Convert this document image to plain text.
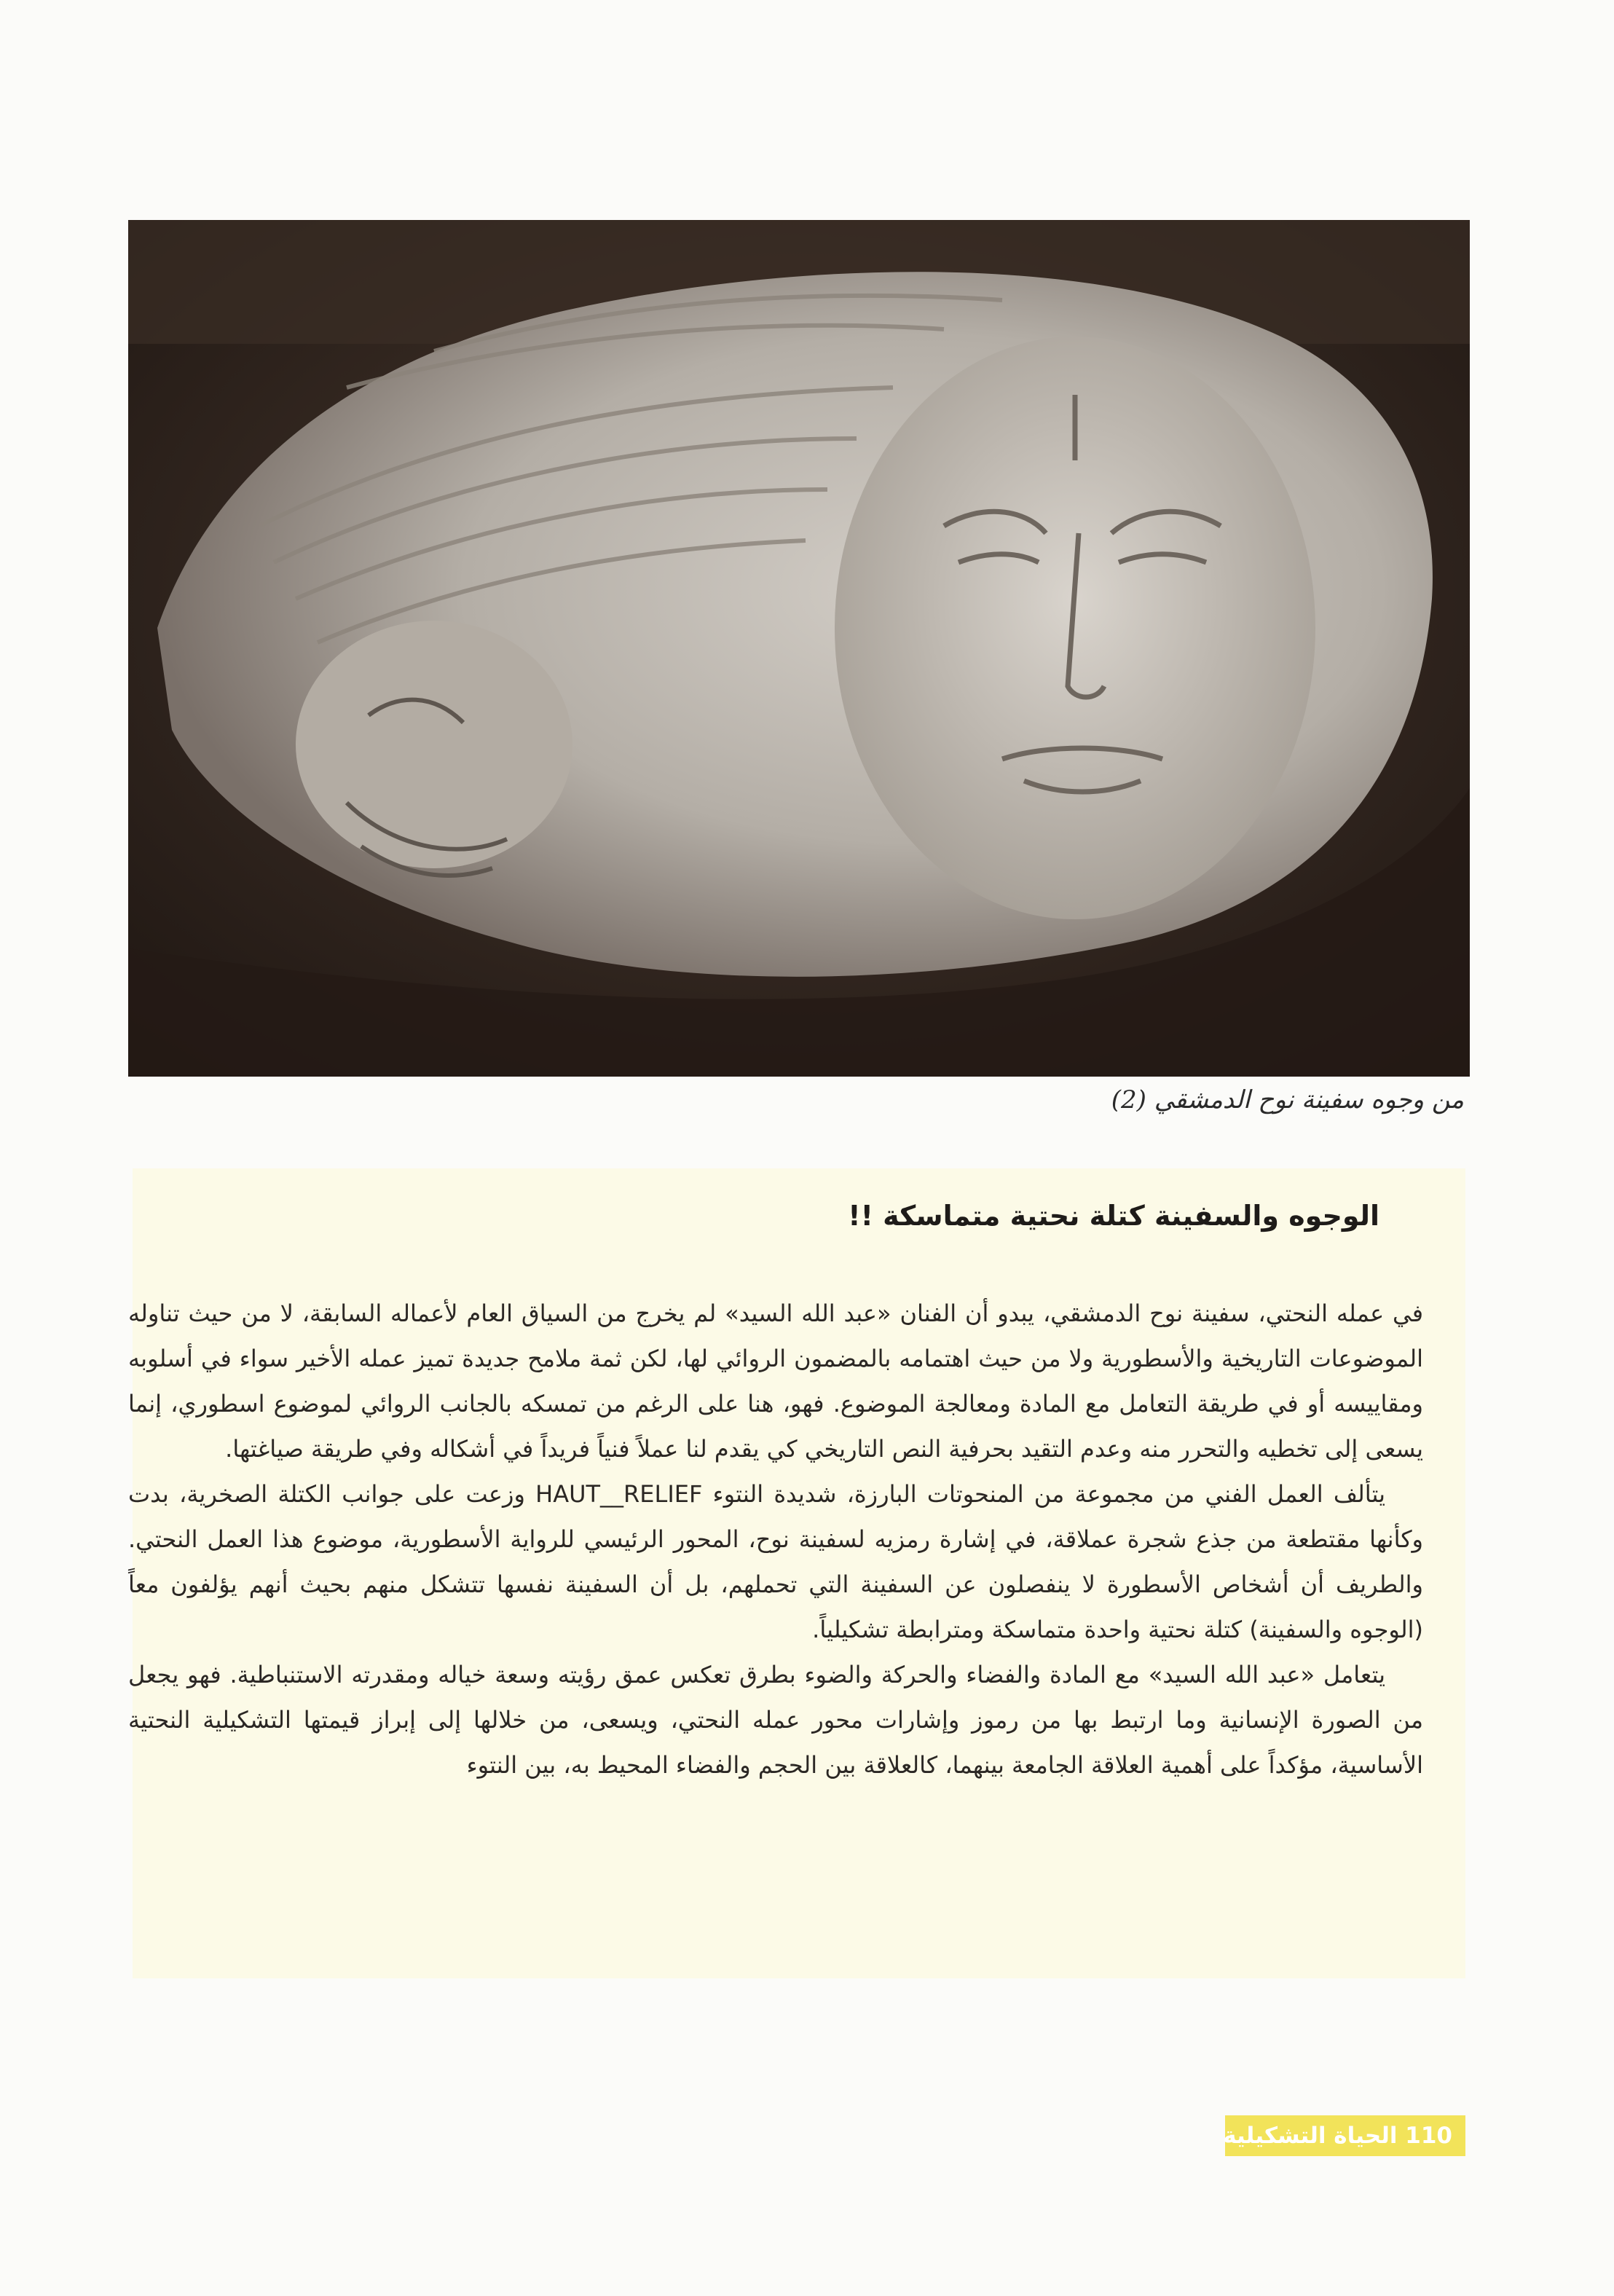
من وجوه سفينة نوح الدمشقي (2)
الوجوه والسفينة كتلة نحتية متماسكة !!

في عمله النحتي، سفينة نوح الدمشقي، يبدو أن الفنان «عبد الله السيد» لم يخرج من السياق العام لأعماله السابقة، لا من حيث تناوله الموضوعات التاريخية والأسطورية ولا من حيث اهتمامه بالمضمون الروائي لها، لكن ثمة ملامح جديدة تميز عمله الأخير سواء في أسلوبه ومقاييسه أو في طريقة التعامل مع المادة ومعالجة الموضوع. فهو، هنا على الرغم من تمسكه بالجانب الروائي لموضوع اسطوري، إنما يسعى إلى تخطيه والتحرر منه وعدم التقيد بحرفية النص التاريخي كي يقدم لنا عملاً فنياً فريداً في أشكاله وفي طريقة صياغتها.

يتألف العمل الفني من مجموعة من المنحوتات البارزة، شديدة النتوء HAUT__RELIEF وزعت على جوانب الكتلة الصخرية، بدت وكأنها مقتطعة من جذع شجرة عملاقة، في إشارة رمزيه لسفينة نوح، المحور الرئيسي للرواية الأسطورية، موضوع هذا العمل النحتي. والطريف أن أشخاص الأسطورة لا ينفصلون عن السفينة التي تحملهم، بل أن السفينة نفسها تتشكل منهم بحيث أنهم يؤلفون معاً (الوجوه والسفينة) كتلة نحتية واحدة متماسكة ومترابطة تشكيلياً.

يتعامل «عبد الله السيد» مع المادة والفضاء والحركة والضوء بطرق تعكس عمق رؤيته وسعة خياله ومقدرته الاستنباطية. فهو يجعل من الصورة الإنسانية وما ارتبط بها من رموز وإشارات محور عمله النحتي، ويسعى، من خلالها إلى إبراز قيمتها التشكيلية النحتية الأساسية، مؤكداً على أهمية العلاقة الجامعة بينهما، كالعلاقة بين الحجم والفضاء المحيط به، بين النتوء

110 الحياة التشكيلية
